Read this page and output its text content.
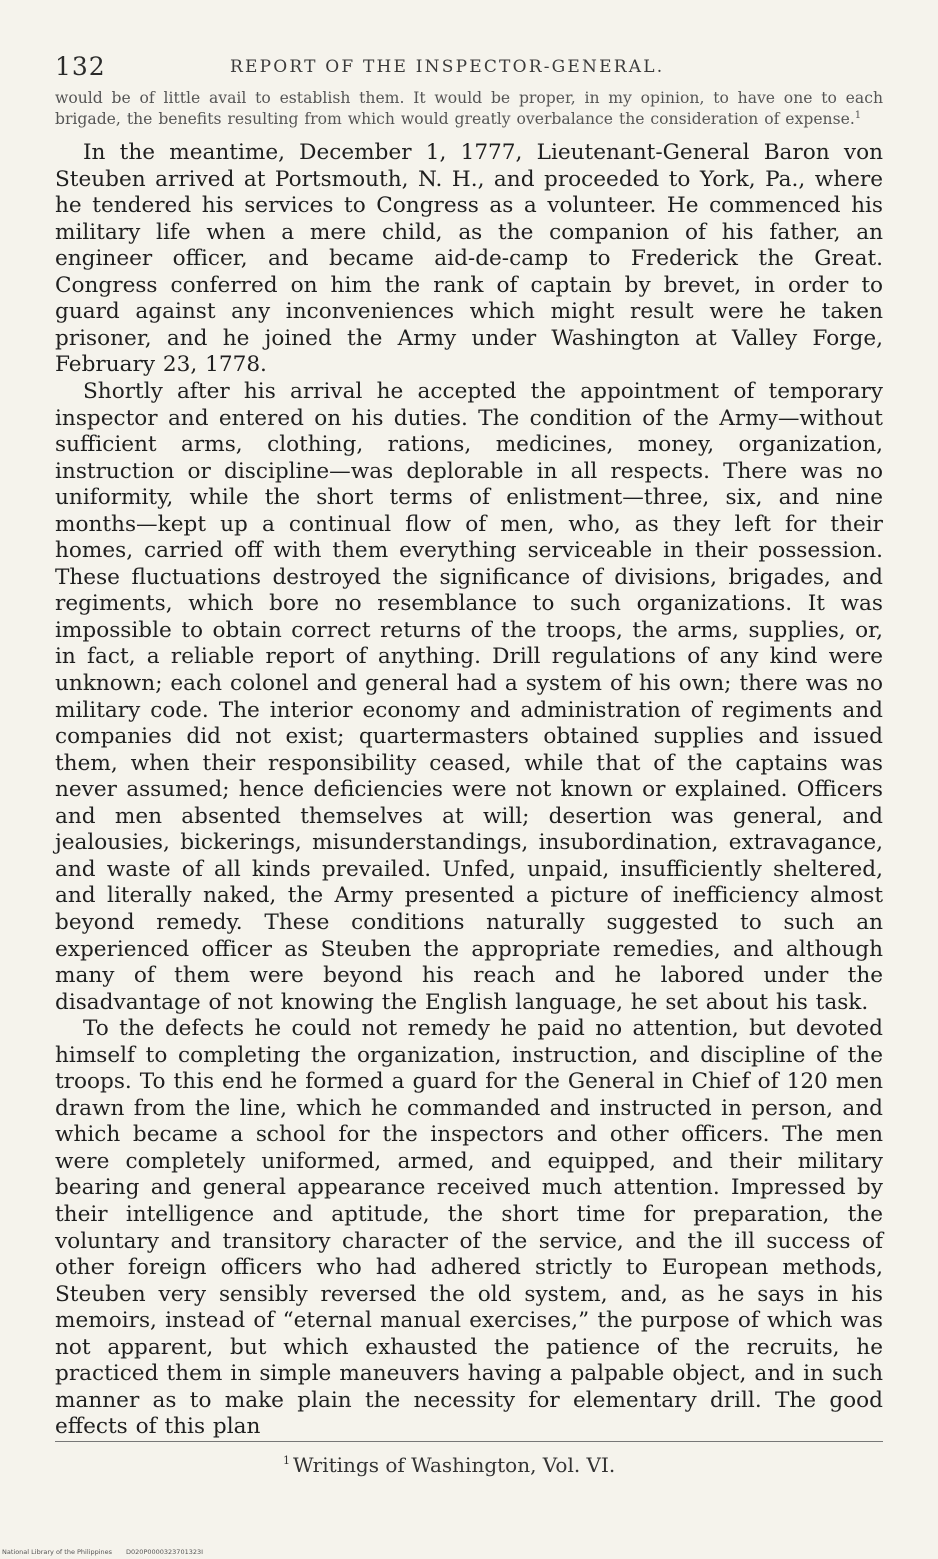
132	REPORT OF THE INSPECTOR-GENERAL.

would be of little avail to establish them. It would be proper, in my opinion, to have one to each brigade, the benefits resulting from which would greatly overbalance the consideration of expense.$^1$

In the meantime, December 1, 1777, Lieutenant-General Baron von Steuben arrived at Portsmouth, N. H., and proceeded to York, Pa., where he tendered his services to Congress as a volunteer. He commenced his military life when a mere child, as the companion of his father, an engineer officer, and became aid-de-camp to Frederick the Great. Congress conferred on him the rank of captain by brevet, in order to guard against any inconveniences which might result were he taken prisoner, and he joined the Army under Washington at Valley Forge, February 23, 1778.

Shortly after his arrival he accepted the appointment of temporary inspector and entered on his duties. The condition of the Army—without sufficient arms, clothing, rations, medicines, money, organization, instruction or discipline—was deplorable in all respects. There was no uniformity, while the short terms of enlistment—three, six, and nine months—kept up a continual flow of men, who, as they left for their homes, carried off with them everything serviceable in their possession. These fluctuations destroyed the significance of divisions, brigades, and regiments, which bore no resemblance to such organizations. It was impossible to obtain correct returns of the troops, the arms, supplies, or, in fact, a reliable report of anything. Drill regulations of any kind were unknown; each colonel and general had a system of his own; there was no military code. The interior economy and administration of regiments and companies did not exist; quartermasters obtained supplies and issued them, when their responsibility ceased, while that of the captains was never assumed; hence deficiencies were not known or explained. Officers and men absented themselves at will; desertion was general, and jealousies, bickerings, misunderstandings, insubordination, extravagance, and waste of all kinds prevailed. Unfed, unpaid, insufficiently sheltered, and literally naked, the Army presented a picture of inefficiency almost beyond remedy. These conditions naturally suggested to such an experienced officer as Steuben the appropriate remedies, and although many of them were beyond his reach and he labored under the disadvantage of not knowing the English language, he set about his task.

To the defects he could not remedy he paid no attention, but devoted himself to completing the organization, instruction, and discipline of the troops. To this end he formed a guard for the General in Chief of 120 men drawn from the line, which he commanded and instructed in person, and which became a school for the inspectors and other officers. The men were completely uniformed, armed, and equipped, and their military bearing and general appearance received much attention. Impressed by their intelligence and aptitude, the short time for preparation, the voluntary and transitory character of the service, and the ill success of other foreign officers who had adhered strictly to European methods, Steuben very sensibly reversed the old system, and, as he says in his memoirs, instead of “eternal manual exercises,” the purpose of which was not apparent, but which exhausted the patience of the recruits, he practiced them in simple maneuvers having a palpable object, and in such manner as to make plain the necessity for elementary drill. The good effects of this plan

$^1$ Writings of Washington, Vol. VI.
National Library of the Philippines D020P0000323701323I
